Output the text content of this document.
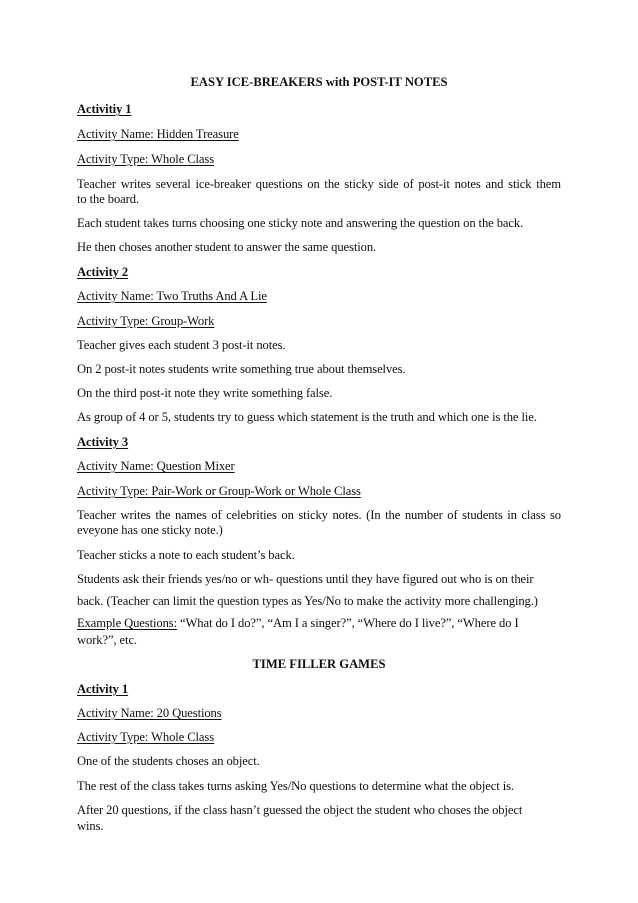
EASY ICE-BREAKERS with POST-IT NOTES
Activitiy 1
Activity Name: Hidden Treasure
Activity Type: Whole Class
Teacher writes several ice-breaker questions on the sticky side of post-it notes and stick them
to the board.
Each student takes turns choosing one sticky note and answering the question on the back.
He then choses another student to answer the same question.
Activity 2
Activity Name: Two Truths And A Lie
Activity Type: Group-Work
Teacher gives each student 3 post-it notes.
On 2 post-it notes students write something true about themselves.
On the third post-it note they write something false.
As group of 4 or 5, students try to guess which statement is the truth and which one is the lie.
Activity 3
Activity Name: Question Mixer
Activity Type: Pair-Work or Group-Work or Whole Class
Teacher writes the names of celebrities on sticky notes. (In the number of students in class so
eveyone has one sticky note.)
Teacher sticks a note to each student’s back.
Students ask their friends yes/no or wh- questions until they have figured out who is on their
back. (Teacher can limit the question types as Yes/No to make the activity more challenging.)
Example Questions: “What do I do?”, “Am I a singer?”, “Where do I live?”, “Where do I
work?”, etc.
TIME FILLER GAMES
Activity 1
Activity Name: 20 Questions
Activity Type: Whole Class
One of the students choses an object.
The rest of the class takes turns asking Yes/No questions to determine what the object is.
After 20 questions, if the class hasn’t guessed the object the student who choses the object
wins.
